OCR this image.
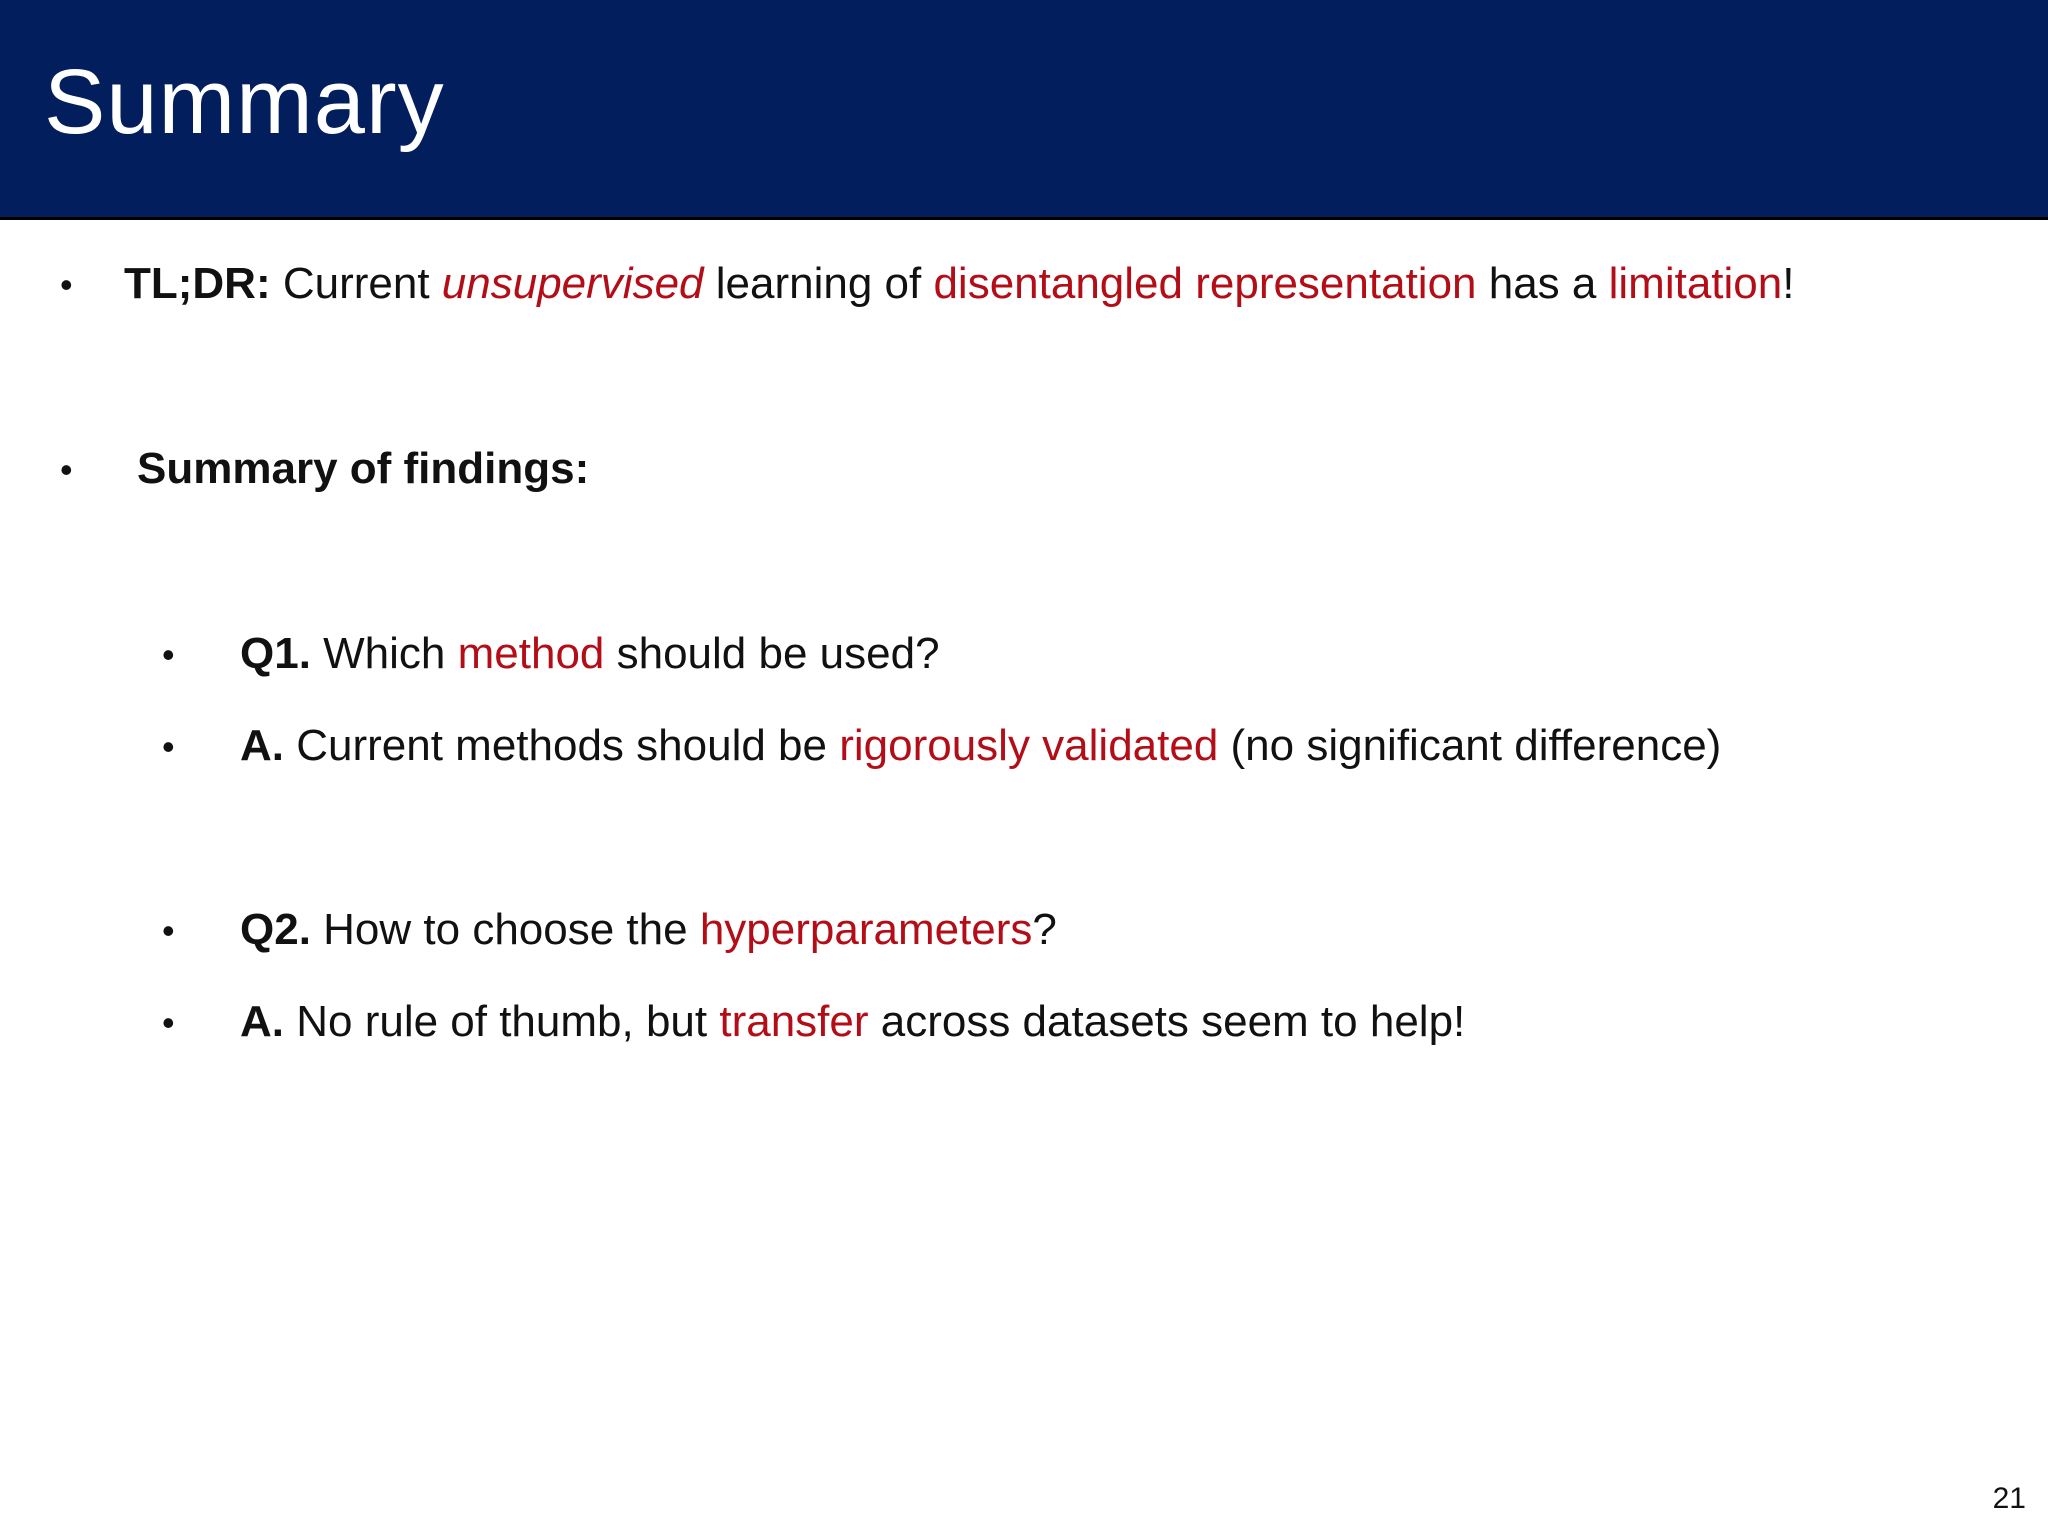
Summary
• TL;DR: Current unsupervised learning of disentangled representation has a limitation!
• Summary of findings:
• Q1. Which method should be used?
• A. Current methods should be rigorously validated (no significant difference)
• Q2. How to choose the hyperparameters?
• A. No rule of thumb, but transfer across datasets seem to help!
21
